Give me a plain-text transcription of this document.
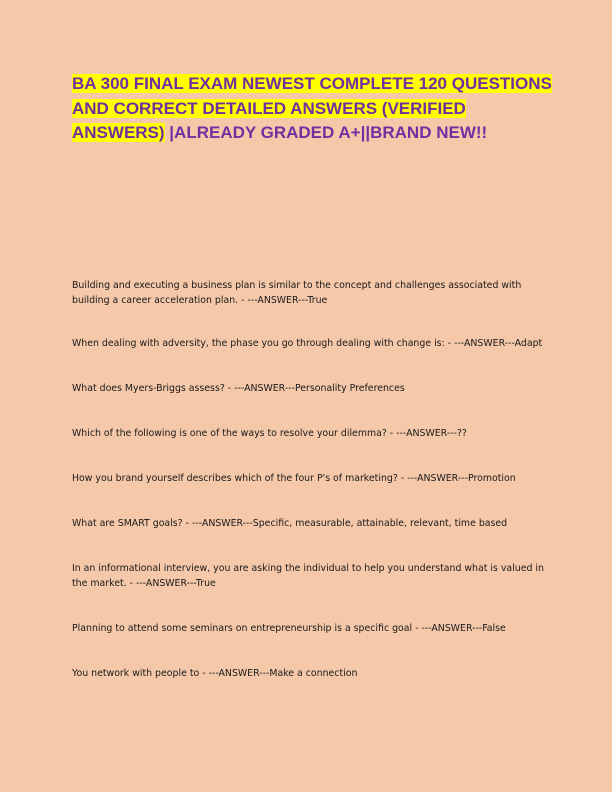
BA 300 FINAL EXAM NEWEST COMPLETE 120 QUESTIONS AND CORRECT DETAILED ANSWERS (VERIFIED ANSWERS) |ALREADY GRADED A+||BRAND NEW!!

Building and executing a business plan is similar to the concept and challenges associated with building a career acceleration plan. - ---ANSWER---True

When dealing with adversity, the phase you go through dealing with change is: - ---ANSWER---Adapt

What does Myers-Briggs assess? - ---ANSWER---Personality Preferences

Which of the following is one of the ways to resolve your dilemma? - ---ANSWER---??

How you brand yourself describes which of the four P's of marketing? - ---ANSWER---Promotion

What are SMART goals? - ---ANSWER---Specific, measurable, attainable, relevant, time based

In an informational interview, you are asking the individual to help you understand what is valued in the market. - ---ANSWER---True

Planning to attend some seminars on entrepreneurship is a specific goal - ---ANSWER---False

You network with people to - ---ANSWER---Make a connection
